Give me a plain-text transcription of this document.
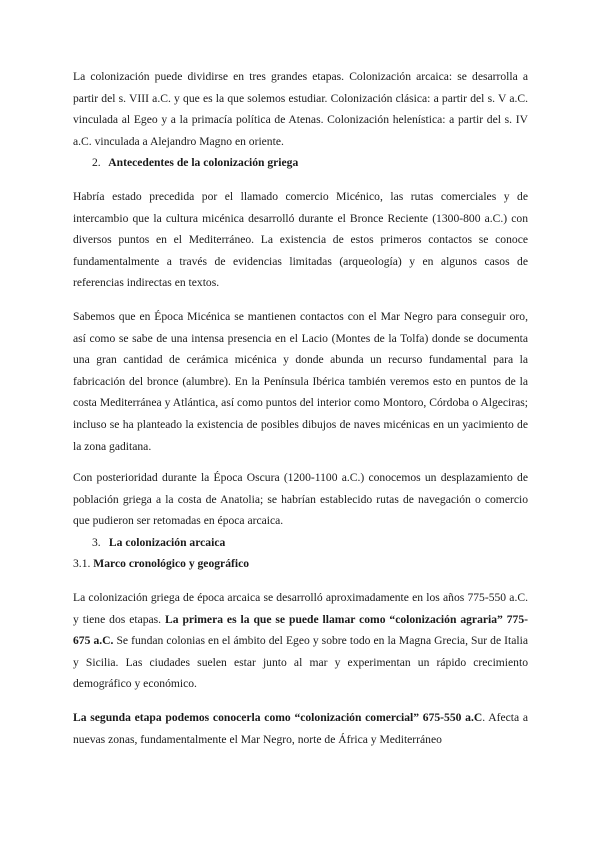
La colonización puede dividirse en tres grandes etapas. Colonización arcaica: se desarrolla a partir del s. VIII a.C. y que es la que solemos estudiar. Colonización clásica: a partir del s. V a.C. vinculada al Egeo y a la primacía política de Atenas. Colonización helenística: a partir del s. IV a.C. vinculada a Alejandro Magno en oriente.

2. Antecedentes de la colonización griega

Habría estado precedida por el llamado comercio Micénico, las rutas comerciales y de intercambio que la cultura micénica desarrolló durante el Bronce Reciente (1300-800 a.C.) con diversos puntos en el Mediterráneo. La existencia de estos primeros contactos se conoce fundamentalmente a través de evidencias limitadas (arqueología) y en algunos casos de referencias indirectas en textos.

Sabemos que en Época Micénica se mantienen contactos con el Mar Negro para conseguir oro, así como se sabe de una intensa presencia en el Lacio (Montes de la Tolfa) donde se documenta una gran cantidad de cerámica micénica y donde abunda un recurso fundamental para la fabricación del bronce (alumbre). En la Península Ibérica también veremos esto en puntos de la costa Mediterránea y Atlántica, así como puntos del interior como Montoro, Córdoba o Algeciras; incluso se ha planteado la existencia de posibles dibujos de naves micénicas en un yacimiento de la zona gaditana.

Con posterioridad durante la Época Oscura (1200-1100 a.C.) conocemos un desplazamiento de población griega a la costa de Anatolia; se habrían establecido rutas de navegación o comercio que pudieron ser retomadas en época arcaica.

3. La colonización arcaica
3.1. Marco cronológico y geográfico

La colonización griega de época arcaica se desarrolló aproximadamente en los años 775-550 a.C. y tiene dos etapas. La primera es la que se puede llamar como “colonización agraria” 775-675 a.C. Se fundan colonias en el ámbito del Egeo y sobre todo en la Magna Grecia, Sur de Italia y Sicilia. Las ciudades suelen estar junto al mar y experimentan un rápido crecimiento demográfico y económico.

La segunda etapa podemos conocerla como “colonización comercial” 675-550 a.C. Afecta a nuevas zonas, fundamentalmente el Mar Negro, norte de África y Mediterráneo
